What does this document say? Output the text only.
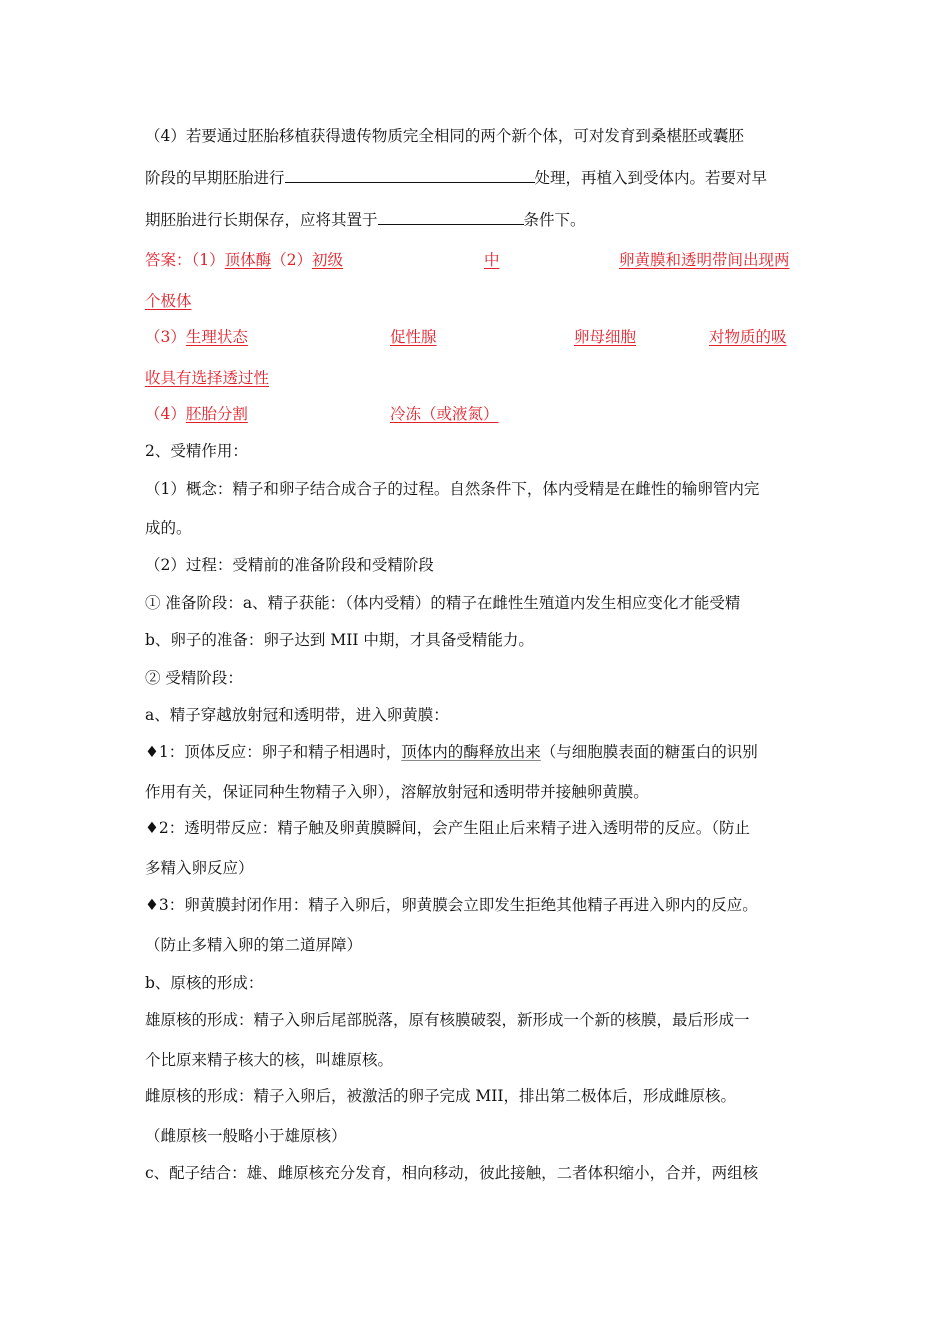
（4）若要通过胚胎移植获得遗传物质完全相同的两个新个体，可对发育到桑椹胚或囊胚
阶段的早期胚胎进行	处理，再植入到受体内。若要对早
期胚胎进行长期保存，应将其置于	条件下。
答案：（1）顶体酶（2）初级	中	卵黄膜和透明带间出现两
个极体
（3）生理状态	促性腺	卵母细胞	对物质的吸
收具有选择透过性
（4）胚胎分割	冷冻（或液氮）
2、受精作用：
（1）概念：精子和卵子结合成合子的过程。自然条件下，体内受精是在雌性的输卵管内完
成的。
（2）过程：受精前的准备阶段和受精阶段
① 准备阶段：a、精子获能：（体内受精）的精子在雌性生殖道内发生相应变化才能受精
b、卵子的准备：卵子达到 MII 中期，才具备受精能力。
② 受精阶段：
a、精子穿越放射冠和透明带，进入卵黄膜：
♦1：顶体反应：卵子和精子相遇时，顶体内的酶释放出来（与细胞膜表面的糖蛋白的识别
作用有关，保证同种生物精子入卵），溶解放射冠和透明带并接触卵黄膜。
♦2：透明带反应：精子触及卵黄膜瞬间，会产生阻止后来精子进入透明带的反应。（防止
多精入卵反应）
♦3：卵黄膜封闭作用：精子入卵后，卵黄膜会立即发生拒绝其他精子再进入卵内的反应。
（防止多精入卵的第二道屏障）
b、原核的形成：
雄原核的形成：精子入卵后尾部脱落，原有核膜破裂，新形成一个新的核膜，最后形成一
个比原来精子核大的核，叫雄原核。
雌原核的形成：精子入卵后，被激活的卵子完成 MII，排出第二极体后，形成雌原核。
（雌原核一般略小于雄原核）
c、配子结合：雄、雌原核充分发育，相向移动，彼此接触，二者体积缩小，合并，两组核
